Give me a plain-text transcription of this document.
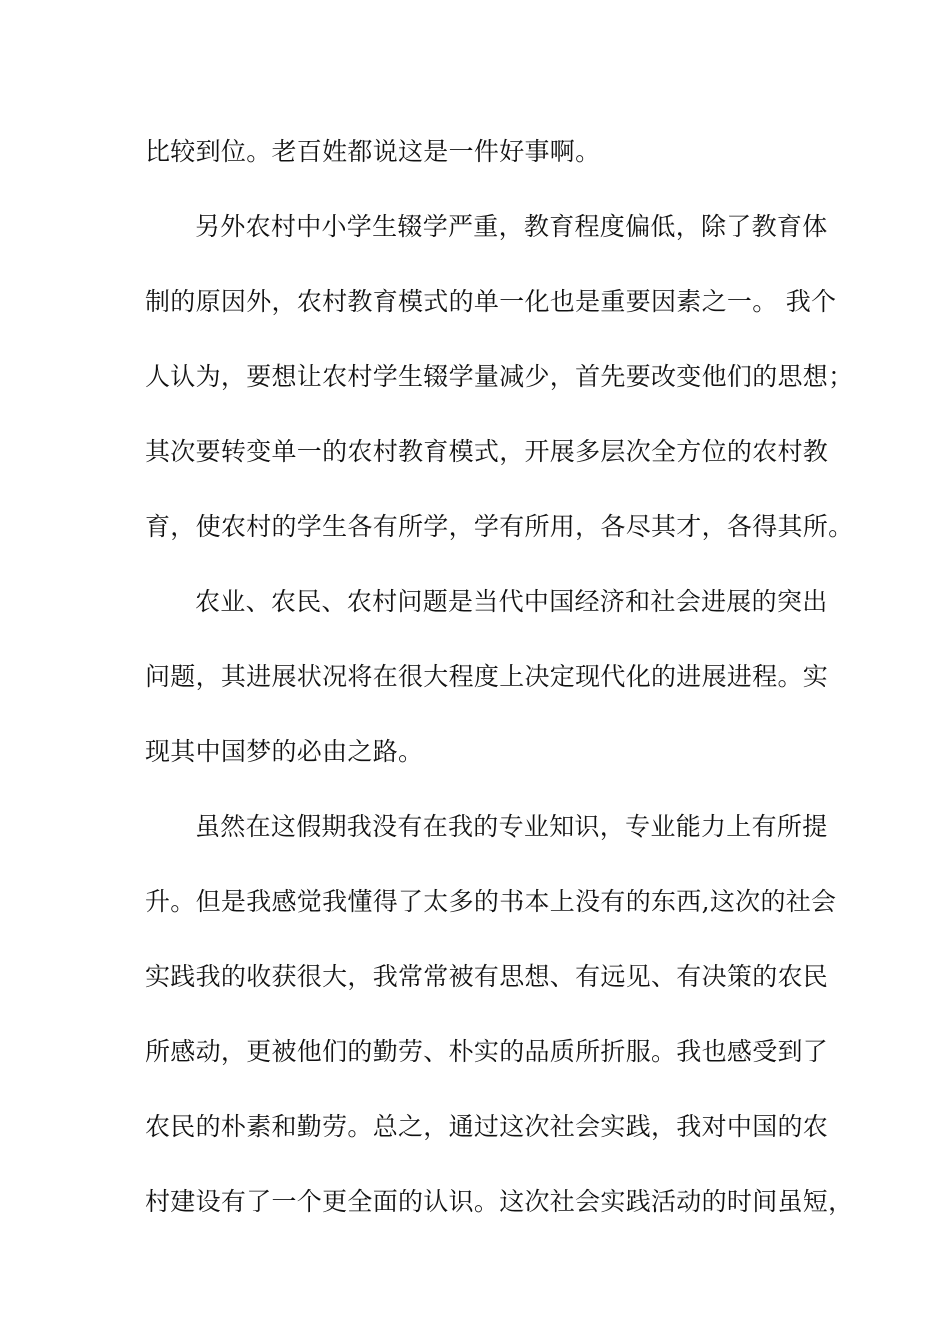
比较到位。老百姓都说这是一件好事啊。

另外农村中小学生辍学严重，教育程度偏低，除了教育体

制的原因外，农村教育模式的单一化也是重要因素之一。 我个

人认为，要想让农村学生辍学量减少，首先要改变他们的思想；

其次要转变单一的农村教育模式，开展多层次全方位的农村教

育，使农村的学生各有所学，学有所用，各尽其才，各得其所。

农业、农民、农村问题是当代中国经济和社会进展的突出

问题，其进展状况将在很大程度上决定现代化的进展进程。实

现其中国梦的必由之路。

虽然在这假期我没有在我的专业知识，专业能力上有所提

升。但是我感觉我懂得了太多的书本上没有的东西,这次的社会

实践我的收获很大，我常常被有思想、有远见、有决策的农民

所感动，更被他们的勤劳、朴实的品质所折服。我也感受到了

农民的朴素和勤劳。总之，通过这次社会实践，我对中国的农

村建设有了一个更全面的认识。这次社会实践活动的时间虽短，
